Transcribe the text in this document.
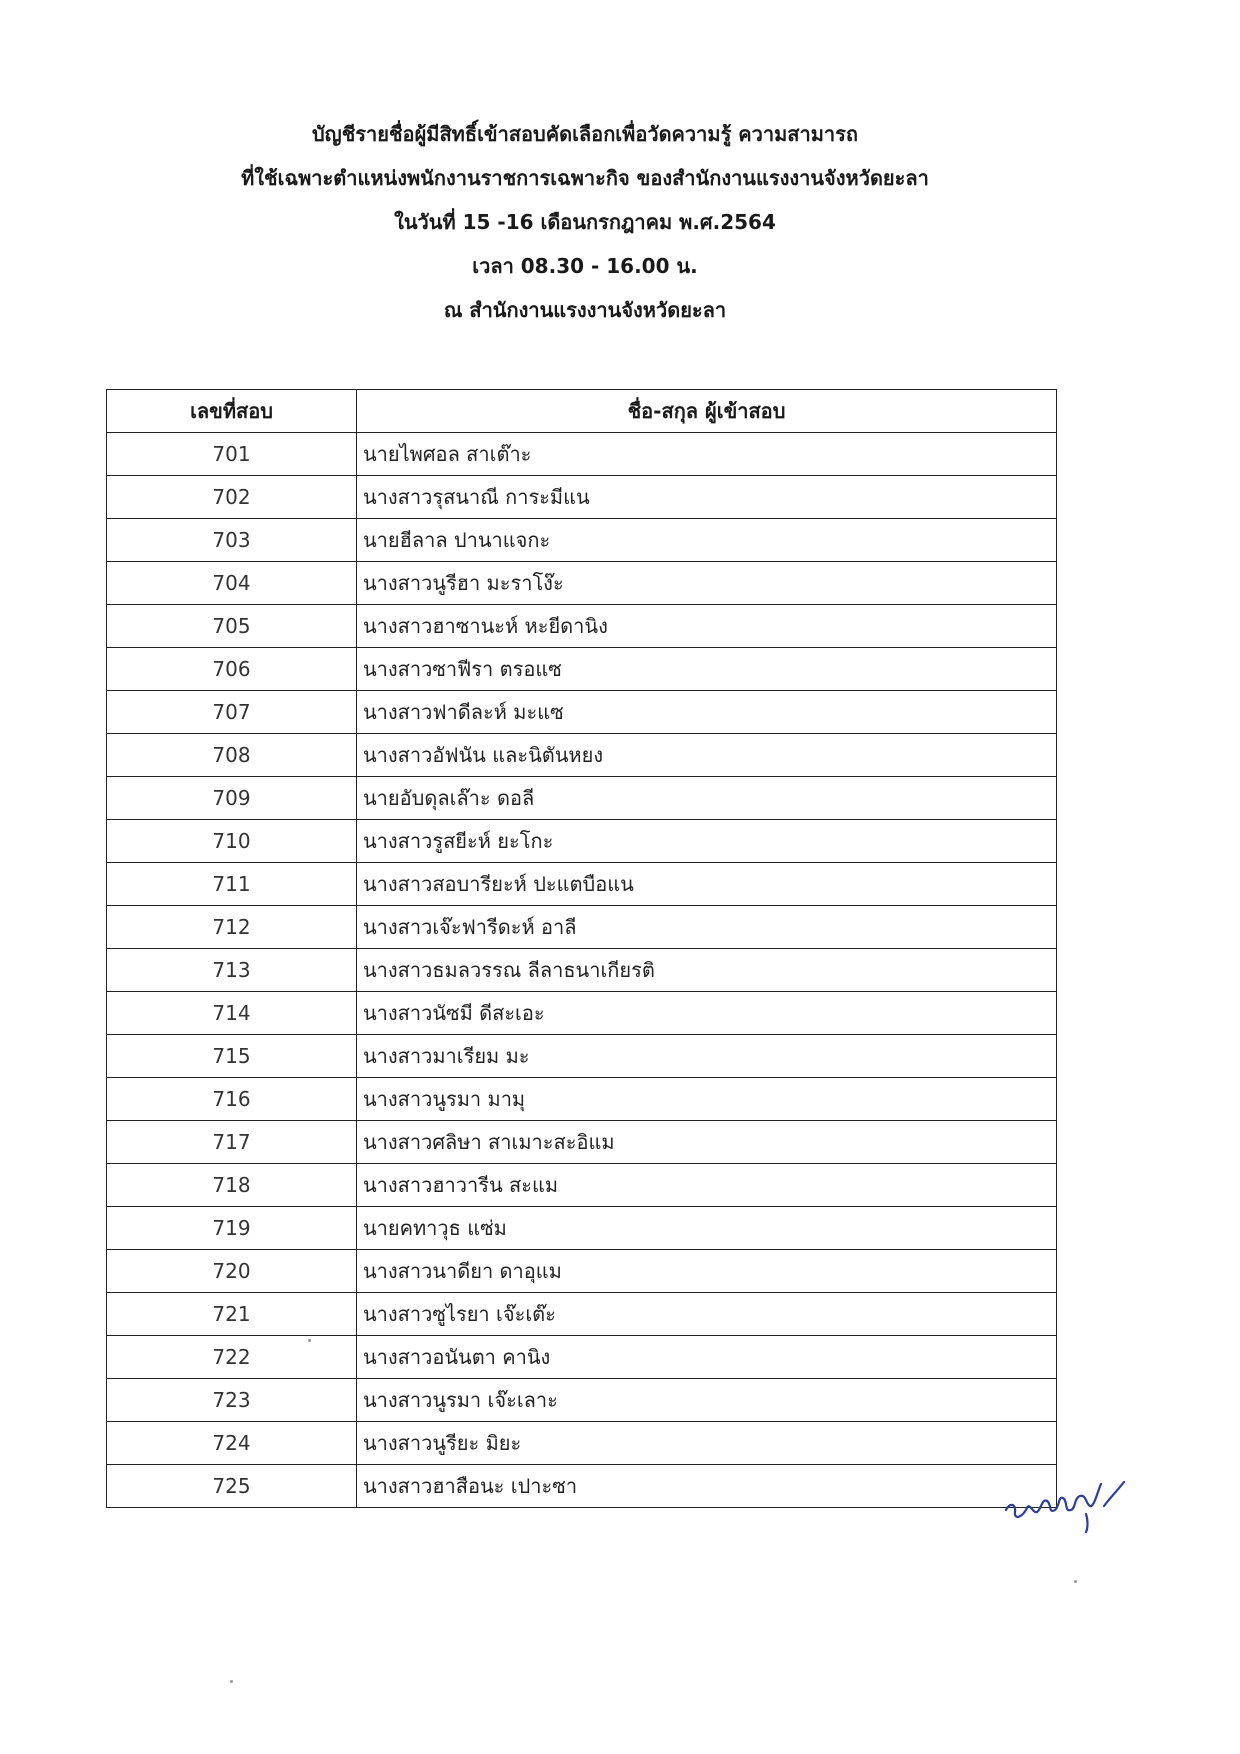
บัญชีรายชื่อผู้มีสิทธิ์เข้าสอบคัดเลือกเพื่อวัดความรู้ ความสามารถ
ที่ใช้เฉพาะตำแหน่งพนักงานราชการเฉพาะกิจ ของสำนักงานแรงงานจังหวัดยะลา
ในวันที่ 15 -16 เดือนกรกฎาคม พ.ศ.2564
เวลา 08.30 - 16.00 น.
ณ สำนักงานแรงงานจังหวัดยะลา
เลขที่สอบ	ชื่อ-สกุล ผู้เข้าสอบ
701	นายไพศอล สาเต๊าะ
702	นางสาวรุสนาณี การะมีแน
703	นายฮีลาล ปานาแจกะ
704	นางสาวนูรีฮา มะราโง๊ะ
705	นางสาวฮาซานะห์ หะยีดานิง
706	นางสาวซาฟีรา ตรอแซ
707	นางสาวฟาดีละห์ มะแซ
708	นางสาวอัฟนัน และนิตันหยง
709	นายอับดุลเล๊าะ ดอลี
710	นางสาวรูสยีะห์ ยะโกะ
711	นางสาวสอบารียะห์ ปะแตบือแน
712	นางสาวเจ๊ะฟารีดะห์ อาลี
713	นางสาวธมลวรรณ ลีลาธนาเกียรติ
714	นางสาวนัซมี ดีสะเอะ
715	นางสาวมาเรียม มะ
716	นางสาวนูรมา มามุ
717	นางสาวศลิษา สาเมาะสะอิแม
718	นางสาวฮาวารีน สะแม
719	นายคทาวุธ แซ่ม
720	นางสาวนาดียา ดาอุแม
721	นางสาวซูไรยา เจ๊ะเต๊ะ
722	นางสาวอนันตา คานิง
723	นางสาวนูรมา เจ๊ะเลาะ
724	นางสาวนูรียะ มิยะ
725	นางสาวฮาสือนะ เปาะซา
